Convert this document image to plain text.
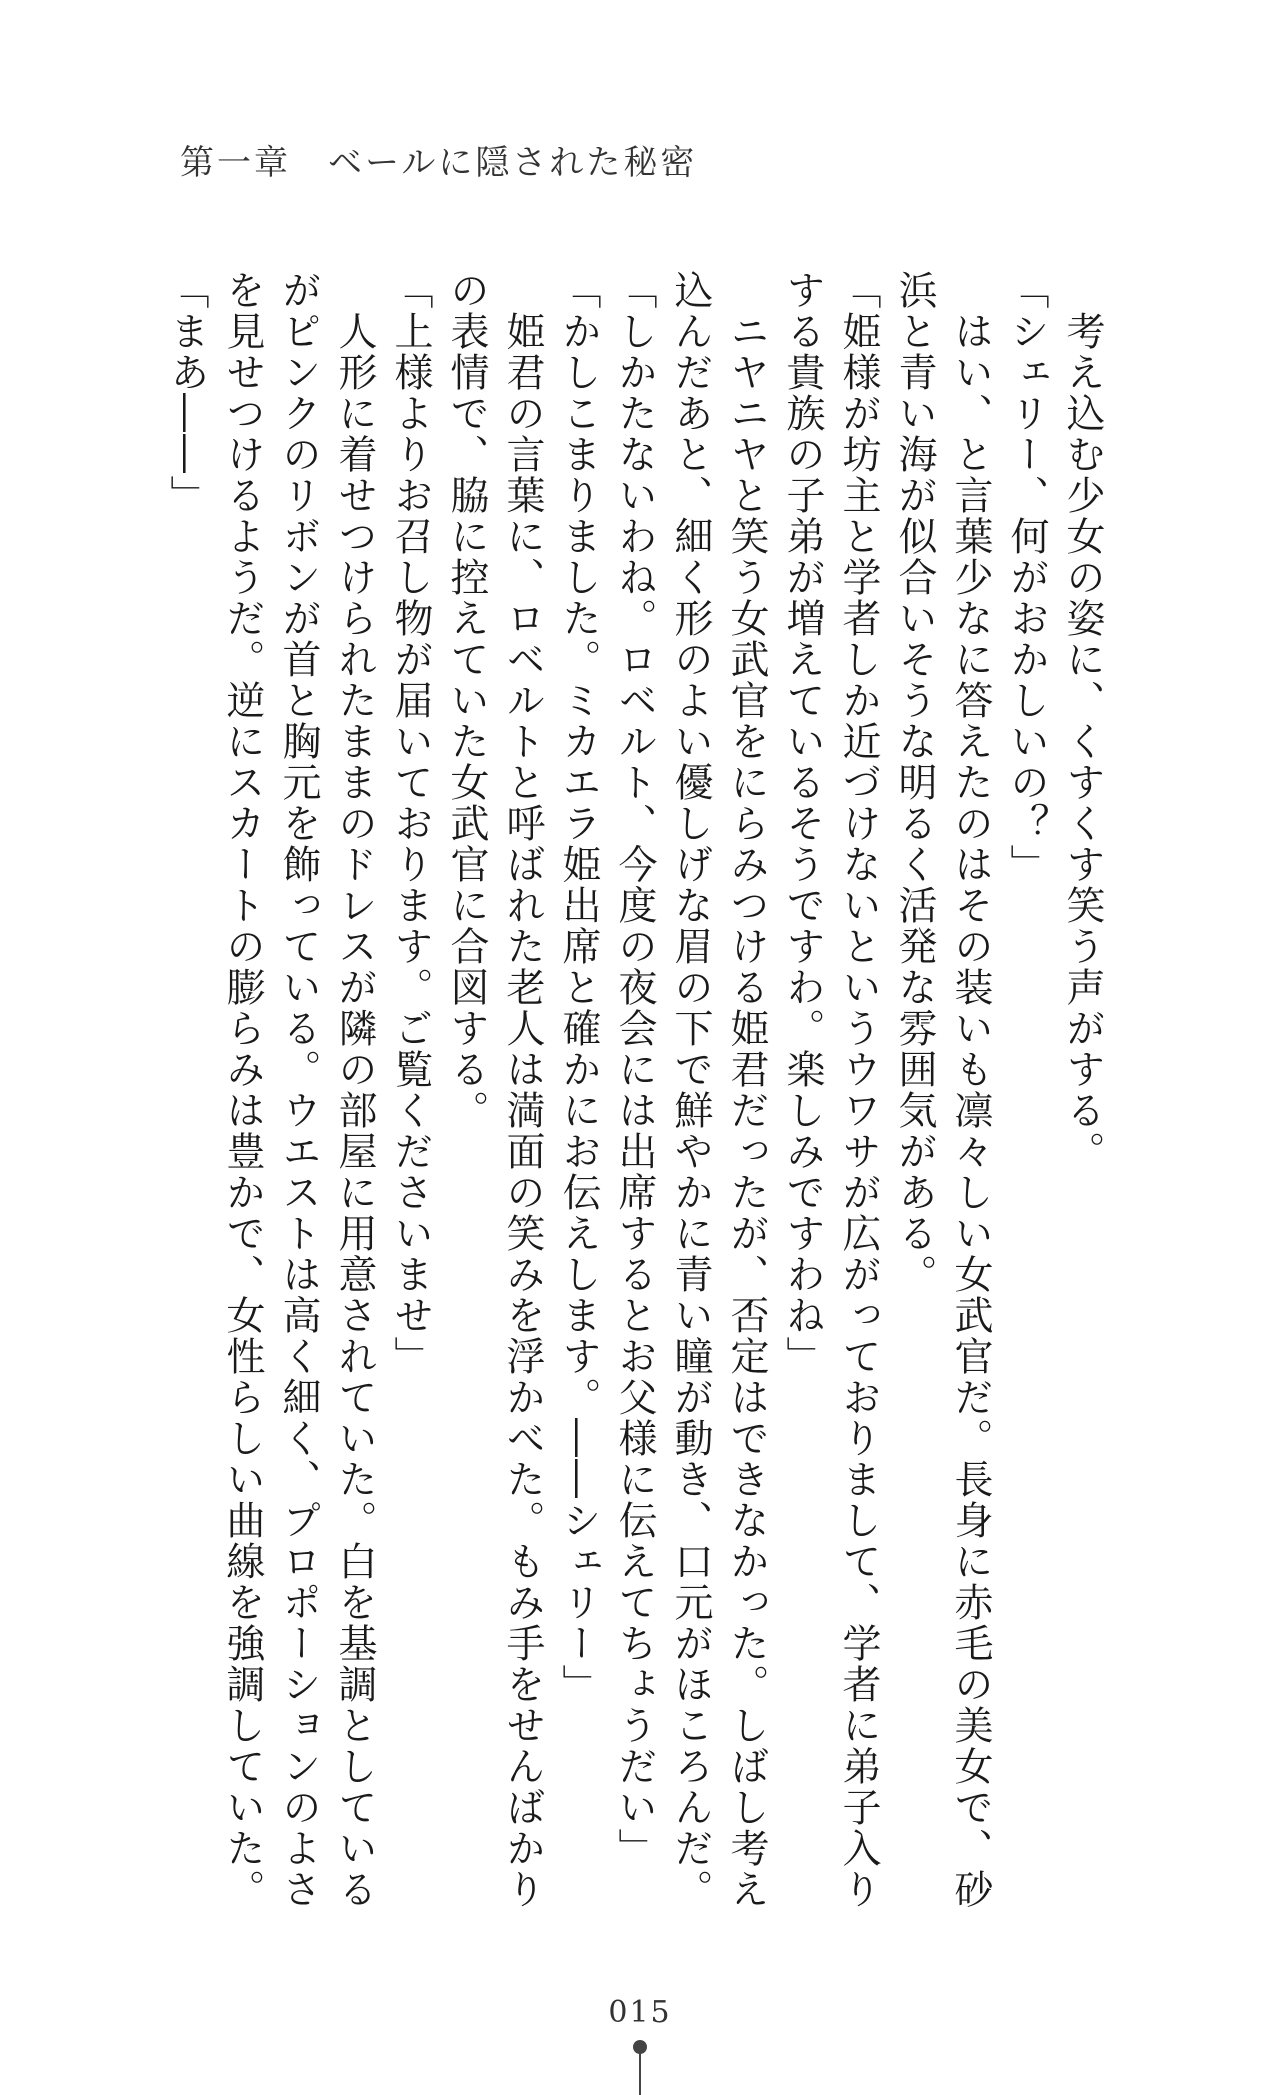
第一章　ベールに隠された秘密

　考え込む少女の姿に、くすくす笑う声がする。

「シェリー、何がおかしいの？」

　はい、と言葉少なに答えたのはその装いも凛々しい女武官だ。長身に赤毛の美女で、砂

浜と青い海が似合いそうな明るく活発な雰囲気がある。

「姫様が坊主と学者しか近づけないというウワサが広がっておりまして、学者に弟子入り

する貴族の子弟が増えているそうですわ。楽しみですわね」

　ニヤニヤと笑う女武官をにらみつける姫君だったが、否定はできなかった。しばし考え

込んだあと、細く形のよい優しげな眉の下で鮮やかに青い瞳が動き、口元がほころんだ。

「しかたないわね。ロベルト、今度の夜会には出席するとお父様に伝えてちょうだい」

「かしこまりました。ミカエラ姫出席と確かにお伝えします。――シェリー」

　姫君の言葉に、ロベルトと呼ばれた老人は満面の笑みを浮かべた。もみ手をせんばかり

の表情で、脇に控えていた女武官に合図する。

「上様よりお召し物が届いております。ご覧くださいませ」

　人形に着せつけられたままのドレスが隣の部屋に用意されていた。白を基調としている

がピンクのリボンが首と胸元を飾っている。ウエストは高く細く、プロポーションのよさ

を見せつけるようだ。逆にスカートの膨らみは豊かで、女性らしい曲線を強調していた。

「まあ――」

015
